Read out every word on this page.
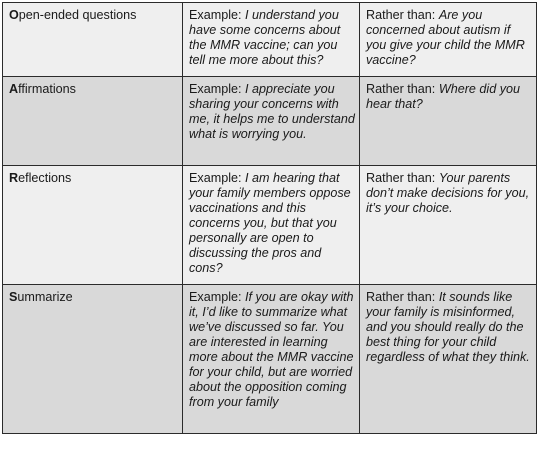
Open-ended questions	Example: I understand you have some concerns about the MMR vaccine; can you tell me more about this?	Rather than: Are you concerned about autism if you give your child the MMR vaccine?
Affirmations	Example: I appreciate you sharing your concerns with me, it helps me to understand what is worrying you.	Rather than: Where did you hear that?
Reflections	Example: I am hearing that your family members oppose vaccinations and this concerns you, but that you personally are open to discussing the pros and cons?	Rather than: Your parents don’t make decisions for you, it’s your choice.
Summarize	Example: If you are okay with it, I’d like to summarize what we’ve discussed so far. You are interested in learning more about the MMR vaccine for your child, but are worried about the opposition coming from your family	Rather than: It sounds like your family is misinformed, and you should really do the best thing for your child regardless of what they think.
